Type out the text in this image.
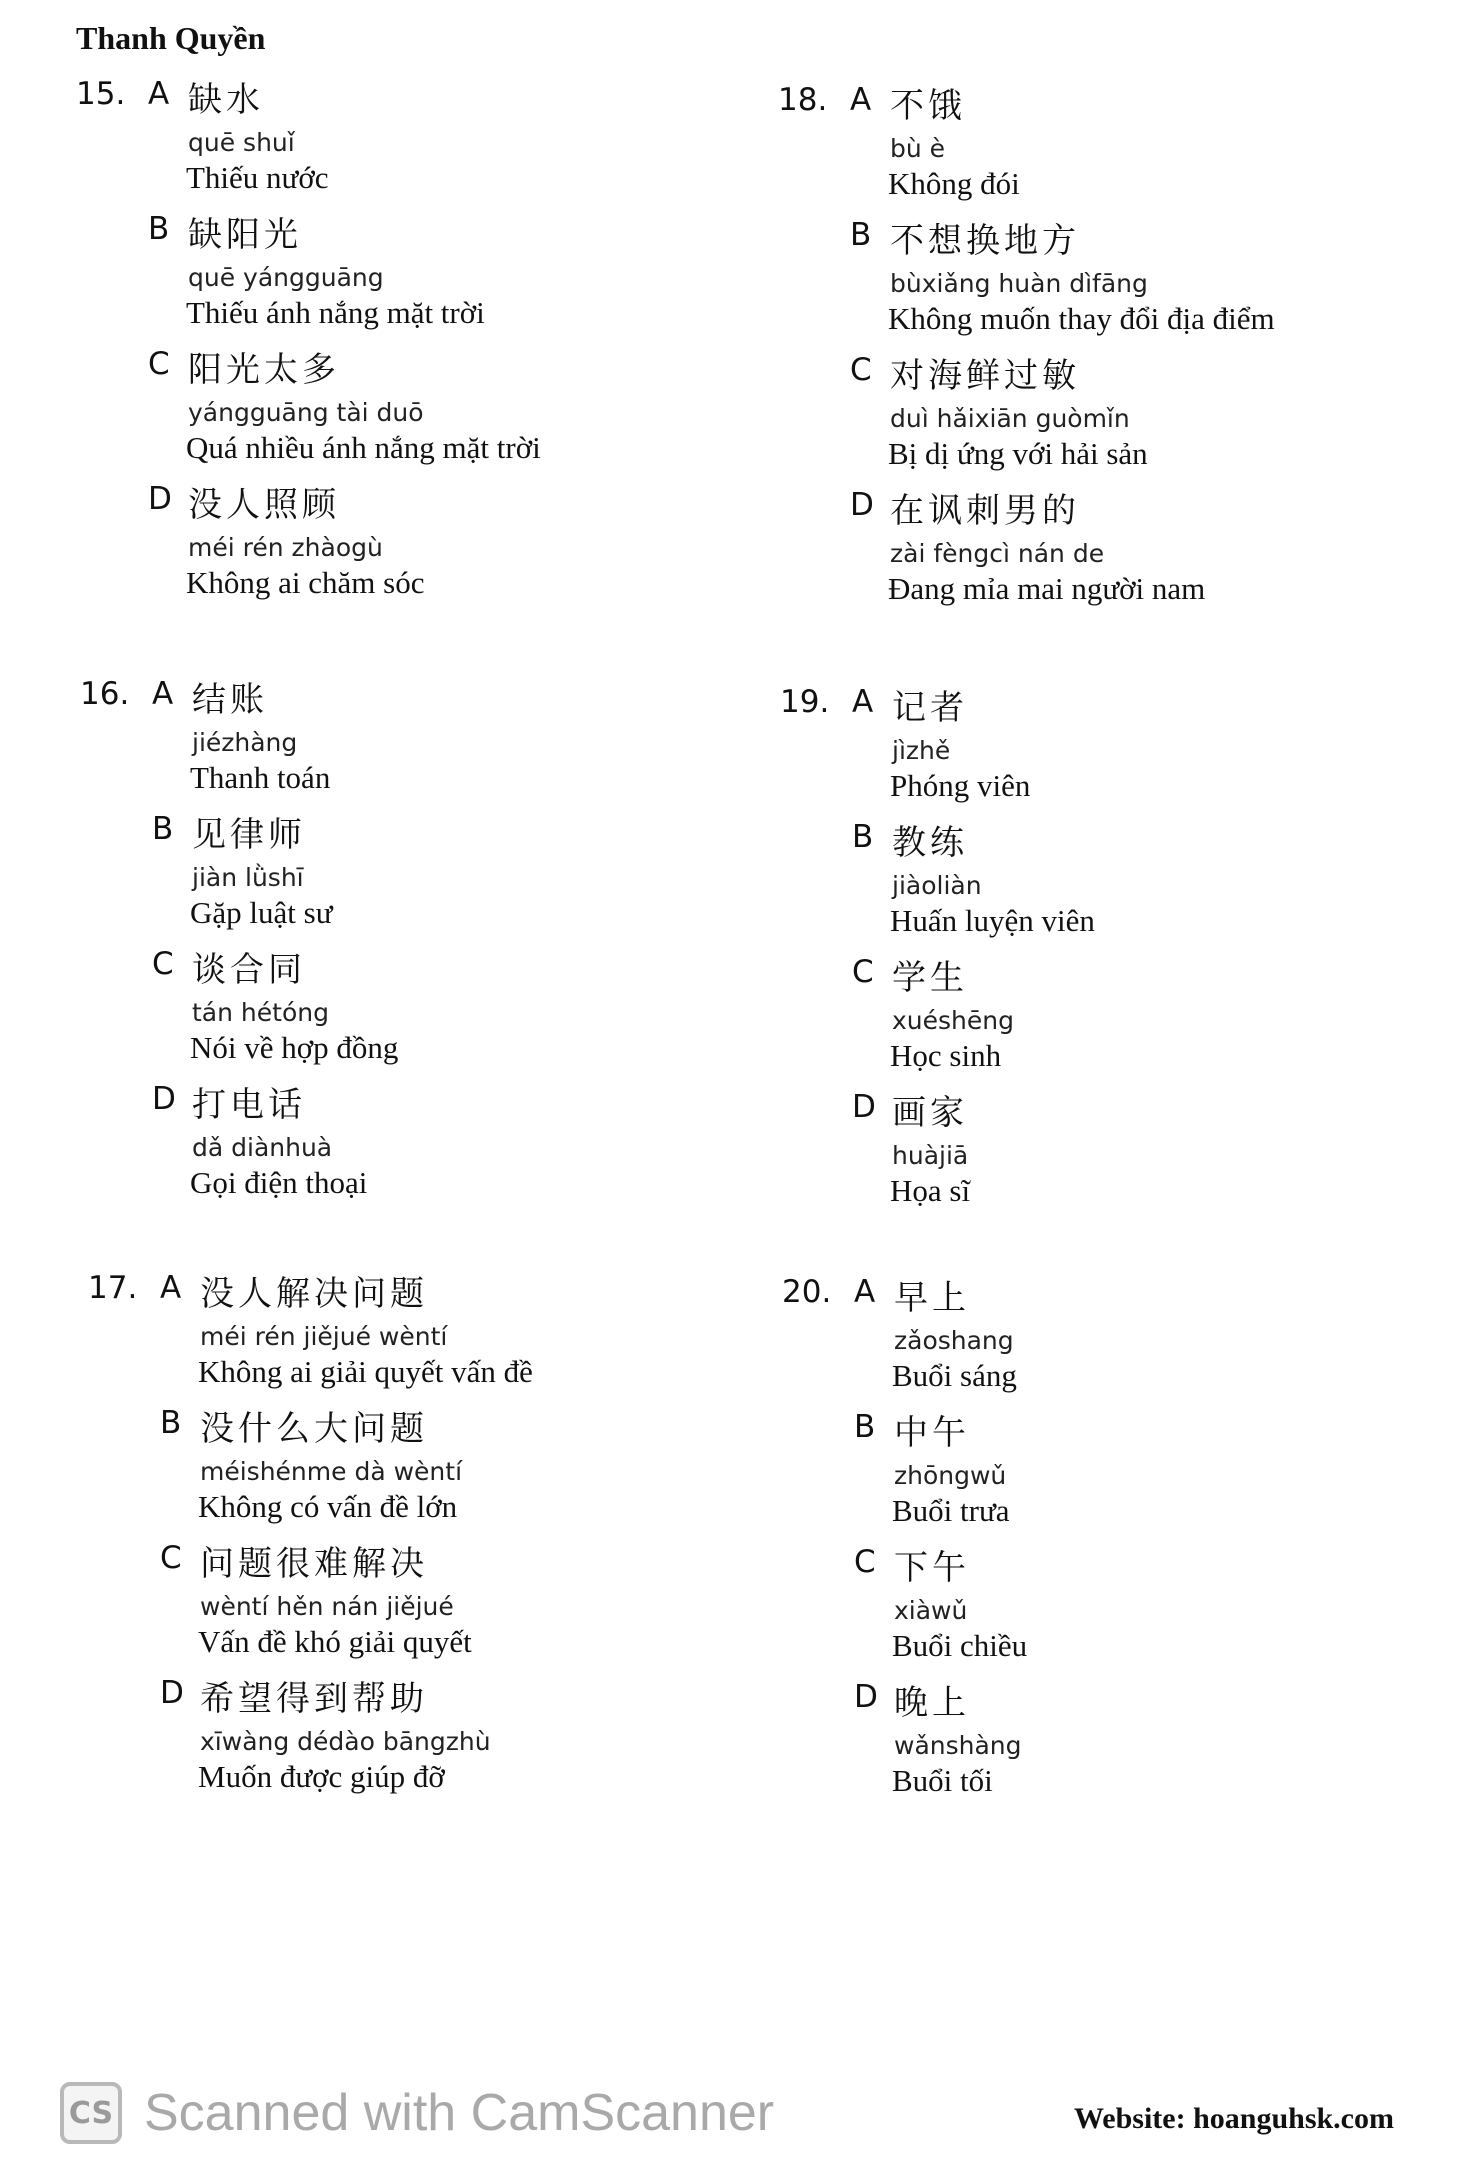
Thanh Quyền
15. A 缺水
quē shuǐ
Thiếu nước
B 缺阳光
quē yángguāng
Thiếu ánh nắng mặt trời
C 阳光太多
yángguāng tài duō
Quá nhiều ánh nắng mặt trời
D 没人照顾
méi rén zhàogù
Không ai chăm sóc
16. A 结账
jiézhàng
Thanh toán
B 见律师
jiàn lǜshī
Gặp luật sư
C 谈合同
tán hétóng
Nói về hợp đồng
D 打电话
dǎ diànhuà
Gọi điện thoại
17. A 没人解决问题
méi rén jiějué wèntí
Không ai giải quyết vấn đề
B 没什么大问题
méishénme dà wèntí
Không có vấn đề lớn
C 问题很难解决
wèntí hěn nán jiějué
Vấn đề khó giải quyết
D 希望得到帮助
xīwàng dédào bāngzhù
Muốn được giúp đỡ
18. A 不饿
bù è
Không đói
B 不想换地方
bùxiǎng huàn dìfāng
Không muốn thay đổi địa điểm
C 对海鲜过敏
duì hǎixiān guòmǐn
Bị dị ứng với hải sản
D 在讽刺男的
zài fèngcì nán de
Đang mỉa mai người nam
19. A 记者
jìzhě
Phóng viên
B 教练
jiàoliàn
Huấn luyện viên
C 学生
xuéshēng
Học sinh
D 画家
huàjiā
Họa sĩ
20. A 早上
zǎoshang
Buổi sáng
B 中午
zhōngwǔ
Buổi trưa
C 下午
xiàwǔ
Buổi chiều
D 晚上
wǎnshàng
Buổi tối
CS Scanned with CamScanner	Website: hoanguhsk.com
